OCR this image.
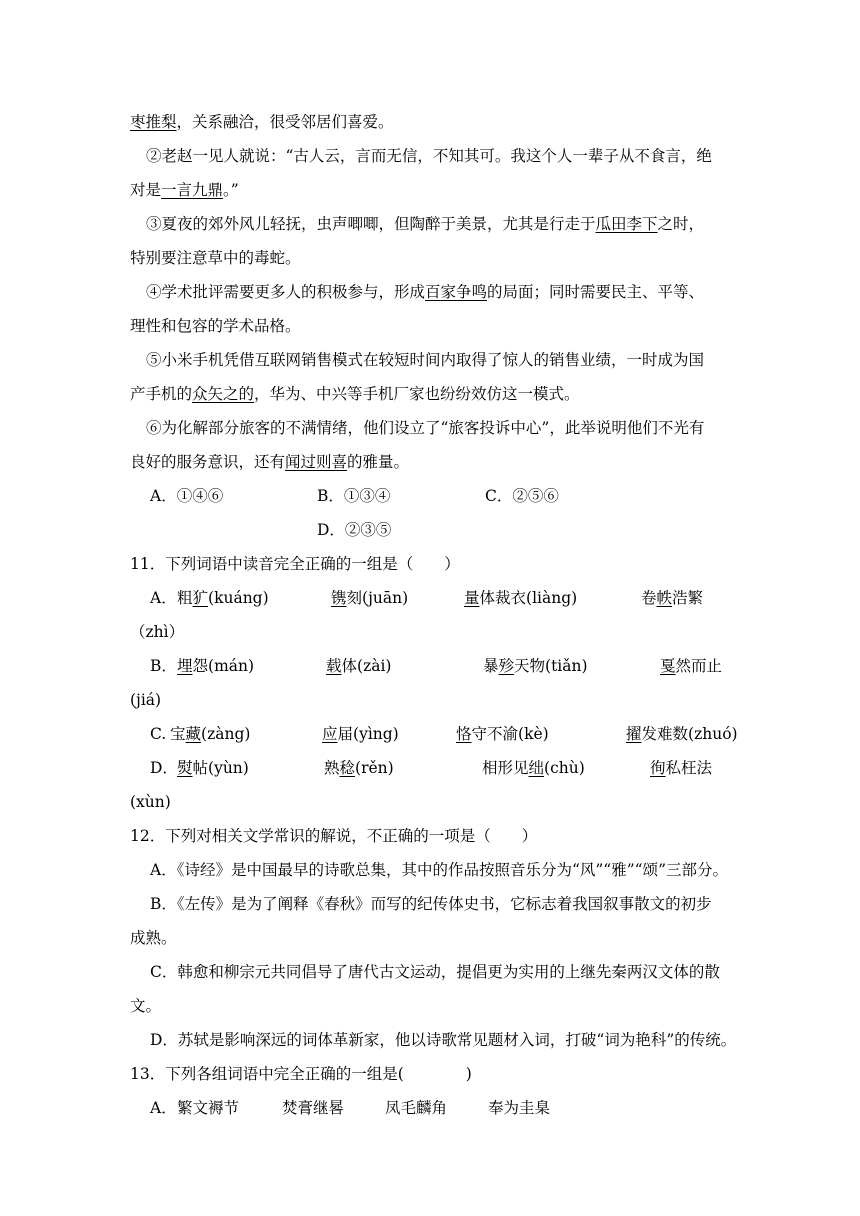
枣推梨，关系融洽，很受邻居们喜爱。
②老赵一见人就说：“古人云，言而无信，不知其可。我这个人一辈子从不食言，绝
对是一言九鼎。”
③夏夜的郊外风儿轻抚，虫声唧唧，但陶醉于美景，尤其是行走于瓜田李下之时，
特别要注意草中的毒蛇。
④学术批评需要更多人的积极参与，形成百家争鸣的局面；同时需要民主、平等、
理性和包容的学术品格。
⑤小米手机凭借互联网销售模式在较短时间内取得了惊人的销售业绩，一时成为国
产手机的众矢之的，华为、中兴等手机厂家也纷纷效仿这一模式。
⑥为化解部分旅客的不满情绪，他们设立了“旅客投诉中心”，此举说明他们不光有
良好的服务意识，还有闻过则喜的雅量。
A．①④⑥	B．①③④	C．②⑤⑥
D．②③⑤
11．下列词语中读音完全正确的一组是（　　）
A． 粗犷(kuáng)	镌刻(juān)	量体裁衣(liàng)	卷帙浩繁
（zhì）
B． 埋怨(mán)	载体(zài)	暴殄天物(tiǎn)	戛然而止
(jiá)
C. 宝藏(zàng)	应届(yìng)	恪守不渝(kè)	擢发难数(zhuó)
D． 熨帖(yùn)	熟稔(rěn)	相形见绌(chù)	徇私枉法
(xùn)
12．下列对相关文学常识的解说，不正确的一项是（　　）
A．《诗经》是中国最早的诗歌总集，其中的作品按照音乐分为“风”“雅”“颂”三部分。
B．《左传》是为了阐释《春秋》而写的纪传体史书，它标志着我国叙事散文的初步
成熟。
C．韩愈和柳宗元共同倡导了唐代古文运动，提倡更为实用的上继先秦两汉文体的散
文。
D．苏轼是影响深远的词体革新家，他以诗歌常见题材入词，打破“词为艳科”的传统。
13．下列各组词语中完全正确的一组是(　　　　)
A． 繁文褥节	焚膏继晷	凤毛麟角	奉为圭臬
